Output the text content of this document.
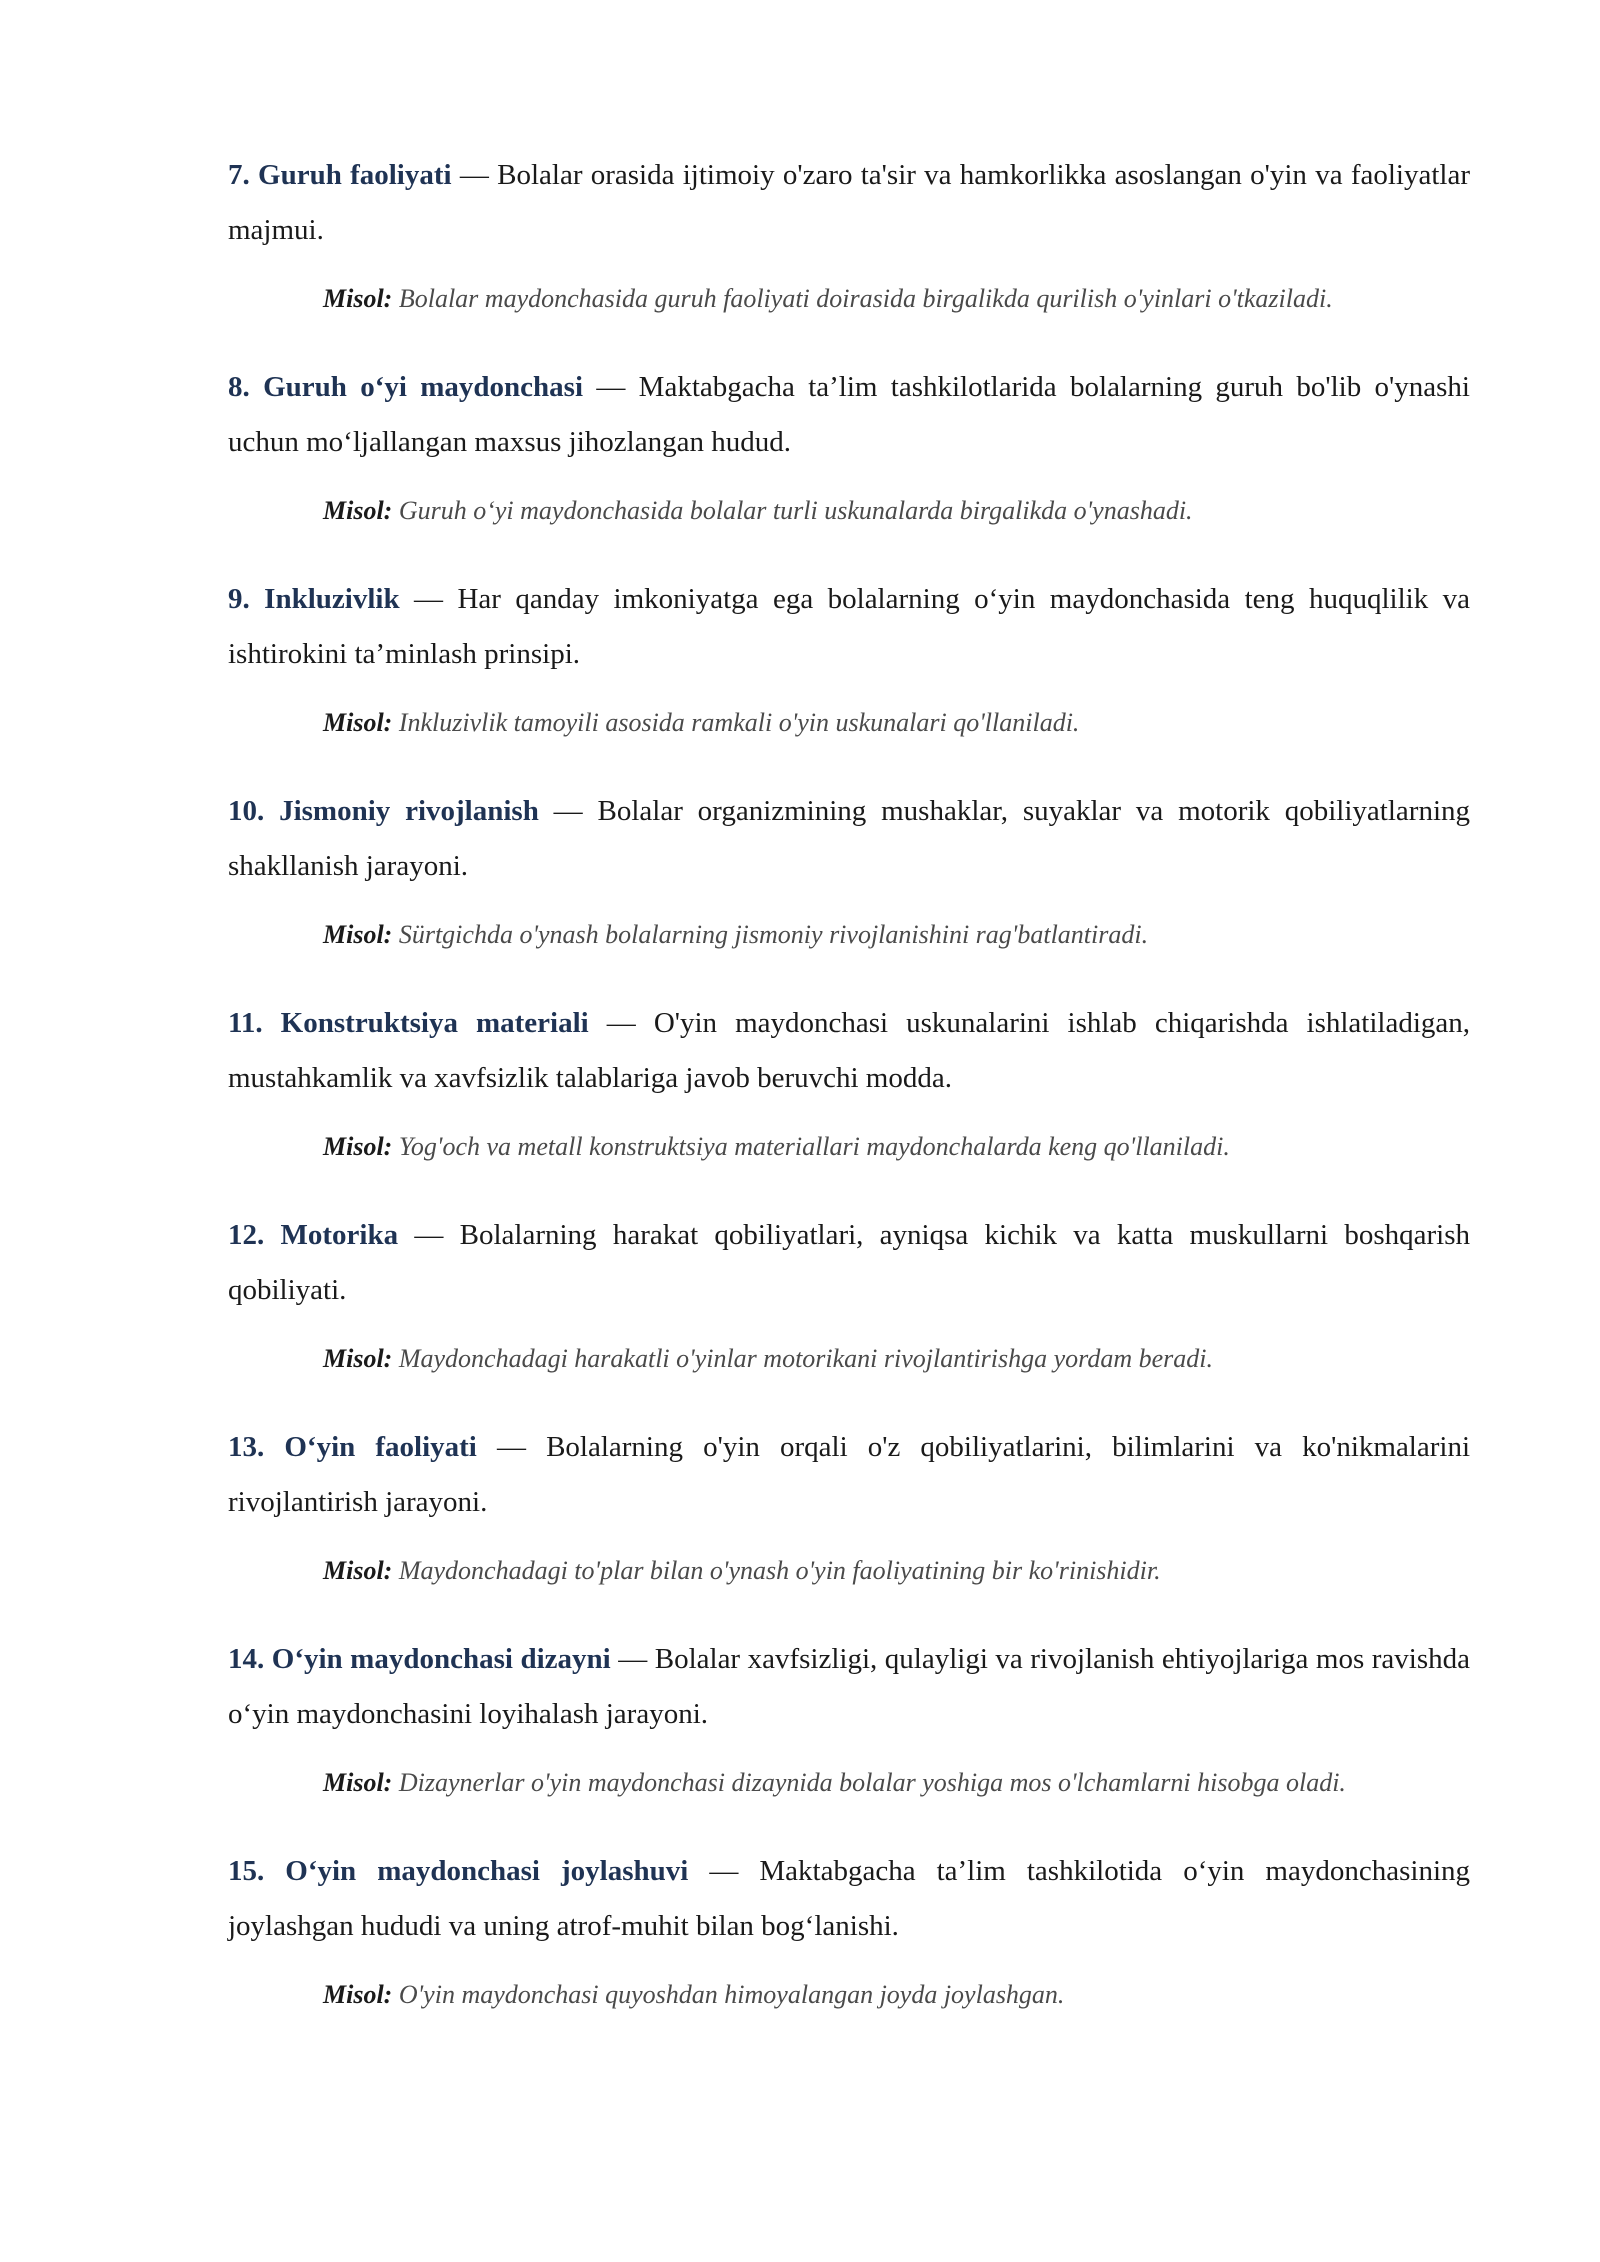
7. Guruh faoliyati — Bolalar orasida ijtimoiy o'zaro ta'sir va hamkorlikka asoslangan o'yin va faoliyatlar majmui.

Misol: Bolalar maydonchasida guruh faoliyati doirasida birgalikda qurilish o'yinlari o'tkaziladi.

8. Guruh o‘yi maydonchasi — Maktabgacha ta’lim tashkilotlarida bolalarning guruh bo'lib o'ynashi uchun mo‘ljallangan maxsus jihozlangan hudud.

Misol: Guruh o‘yi maydonchasida bolalar turli uskunalarda birgalikda o'ynashadi.

9. Inkluzivlik — Har qanday imkoniyatga ega bolalarning o‘yin maydonchasida teng huquqlilik va ishtirokini ta’minlash prinsipi.

Misol: Inkluzivlik tamoyili asosida ramkali o'yin uskunalari qo'llaniladi.

10. Jismoniy rivojlanish — Bolalar organizmining mushaklar, suyaklar va motorik qobiliyatlarning shakllanish jarayoni.

Misol: Sürtgichda o'ynash bolalarning jismoniy rivojlanishini rag'batlantiradi.

11. Konstruktsiya materiali — O'yin maydonchasi uskunalarini ishlab chiqarishda ishlatiladigan, mustahkamlik va xavfsizlik talablariga javob beruvchi modda.

Misol: Yog'och va metall konstruktsiya materiallari maydonchalarda keng qo'llaniladi.

12. Motorika — Bolalarning harakat qobiliyatlari, ayniqsa kichik va katta muskullarni boshqarish qobiliyati.

Misol: Maydonchadagi harakatli o'yinlar motorikani rivojlantirishga yordam beradi.

13. O‘yin faoliyati — Bolalarning o'yin orqali o'z qobiliyatlarini, bilimlarini va ko'nikmalarini rivojlantirish jarayoni.

Misol: Maydonchadagi to'plar bilan o'ynash o'yin faoliyatining bir ko'rinishidir.

14. O‘yin maydonchasi dizayni — Bolalar xavfsizligi, qulayligi va rivojlanish ehtiyojlariga mos ravishda o‘yin maydonchasini loyihalash jarayoni.

Misol: Dizaynerlar o'yin maydonchasi dizaynida bolalar yoshiga mos o'lchamlarni hisobga oladi.

15. O‘yin maydonchasi joylashuvi — Maktabgacha ta’lim tashkilotida o‘yin maydonchasining joylashgan hududi va uning atrof-muhit bilan bog‘lanishi.

Misol: O'yin maydonchasi quyoshdan himoyalangan joyda joylashgan.
